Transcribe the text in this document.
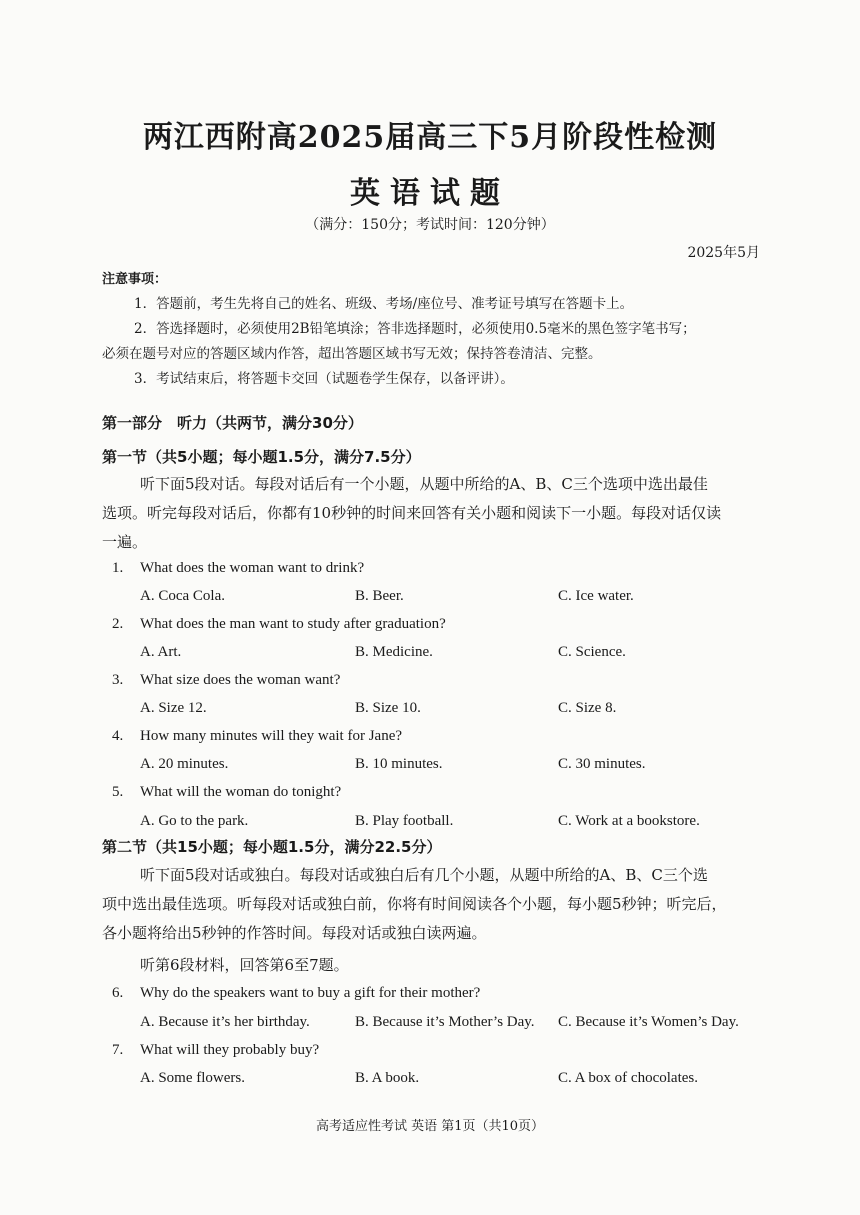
两江西附高2025届高三下5月阶段性检测
英语试题
（满分：150分；考试时间：120分钟）
2025年5月
注意事项：
1．答题前，考生先将自己的姓名、班级、考场/座位号、准考证号填写在答题卡上。
2．答选择题时，必须使用2B铅笔填涂；答非选择题时，必须使用0.5毫米的黑色签字笔书写；
必须在题号对应的答题区域内作答，超出答题区域书写无效；保持答卷清洁、完整。
3．考试结束后，将答题卡交回（试题卷学生保存，以备评讲）。
第一部分　听力（共两节，满分30分）
第一节（共5小题；每小题1.5分，满分7.5分）
听下面5段对话。每段对话后有一个小题，从题中所给的A、B、C三个选项中选出最佳
选项。听完每段对话后，你都有10秒钟的时间来回答有关小题和阅读下一小题。每段对话仅读
一遍。
1. What does the woman want to drink?
A. Coca Cola.	B. Beer.	C. Ice water.
2. What does the man want to study after graduation?
A. Art.	B. Medicine.	C. Science.
3. What size does the woman want?
A. Size 12.	B. Size 10.	C. Size 8.
4. How many minutes will they wait for Jane?
A. 20 minutes.	B. 10 minutes.	C. 30 minutes.
5. What will the woman do tonight?
A. Go to the park.	B. Play football.	C. Work at a bookstore.
第二节（共15小题；每小题1.5分，满分22.5分）
听下面5段对话或独白。每段对话或独白后有几个小题，从题中所给的A、B、C三个选
项中选出最佳选项。听每段对话或独白前，你将有时间阅读各个小题，每小题5秒钟；听完后，
各小题将给出5秒钟的作答时间。每段对话或独白读两遍。
听第6段材料，回答第6至7题。
6. Why do the speakers want to buy a gift for their mother?
A. Because it’s her birthday.	B. Because it’s Mother’s Day. C. Because it’s Women’s Day.
7. What will they probably buy?
A. Some flowers.	B. A book.	C. A box of chocolates.
高考适应性考试 英语 第1页（共10页）
